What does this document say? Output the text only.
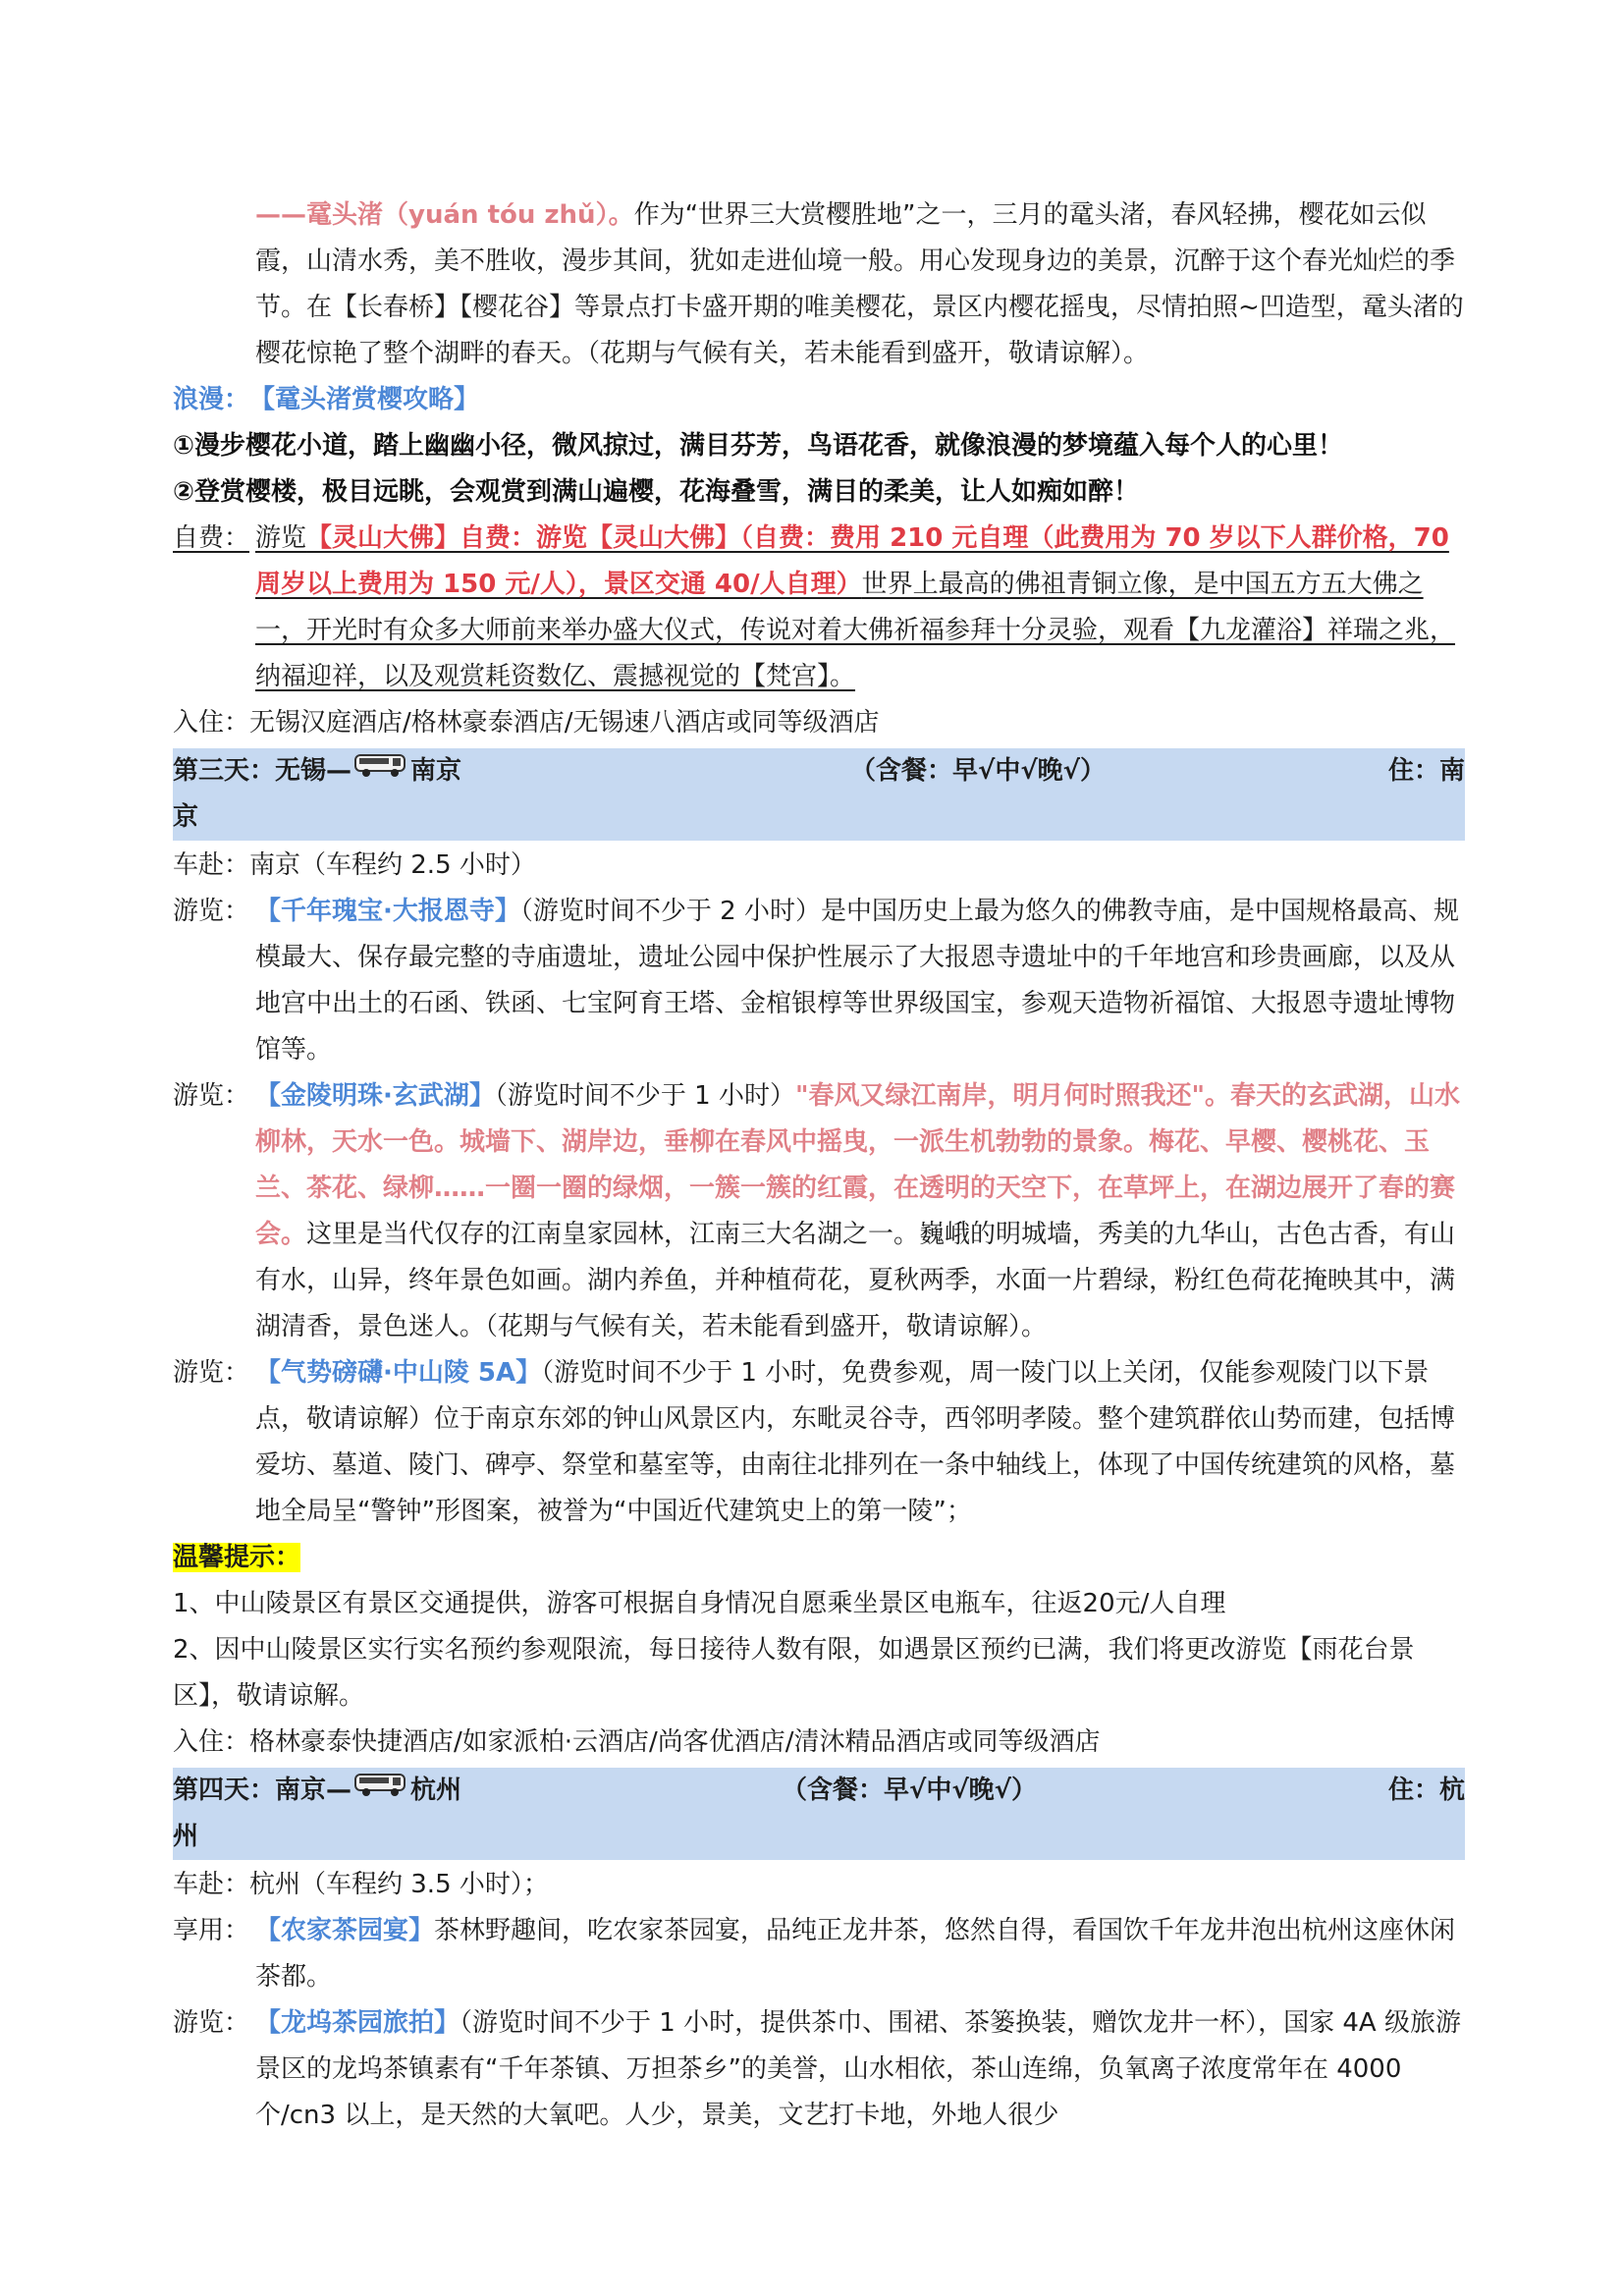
——鼋头渚（yuán tóu zhǔ）。作为“世界三大赏樱胜地”之一，三月的鼋头渚，春风轻拂，樱花如云似霞，山清水秀，美不胜收，漫步其间，犹如走进仙境一般。用心发现身边的美景，沉醉于这个春光灿烂的季节。在【长春桥】【樱花谷】等景点打卡盛开期的唯美樱花，景区内樱花摇曳，尽情拍照~凹造型，鼋头渚的樱花惊艳了整个湖畔的春天。（花期与气候有关，若未能看到盛开，敬请谅解）。

浪漫： 【鼋头渚赏樱攻略】

①漫步樱花小道，踏上幽幽小径，微风掠过，满目芬芳，鸟语花香，就像浪漫的梦境蕴入每个人的心里！

②登赏樱楼，极目远眺，会观赏到满山遍樱，花海叠雪，满目的柔美，让人如痴如醉！

自费： 游览【灵山大佛】自费：游览【灵山大佛】（自费：费用 210 元自理（此费用为 70 岁以下人群价格，70 周岁以上费用为 150 元/人），景区交通 40/人自理）世界上最高的佛祖青铜立像，是中国五方五大佛之一，开光时有众多大师前来举办盛大仪式，传说对着大佛祈福参拜十分灵验，观看【九龙灌浴】祥瑞之兆，纳福迎祥，以及观赏耗资数亿、震撼视觉的【梵宫】。

入住：无锡汉庭酒店/格林豪泰酒店/无锡速八酒店或同等级酒店

第三天：无锡— 南京	（含餐：早√中√晚√）	住：南
京

车赴：南京（车程约 2.5 小时）

游览： 【千年瑰宝·大报恩寺】（游览时间不少于 2 小时）是中国历史上最为悠久的佛教寺庙，是中国规格最高、规模最大、保存最完整的寺庙遗址，遗址公园中保护性展示了大报恩寺遗址中的千年地宫和珍贵画廊，以及从地宫中出土的石函、铁函、七宝阿育王塔、金棺银椁等世界级国宝，参观天造物祈福馆、大报恩寺遗址博物馆等。
游览： 【金陵明珠·玄武湖】（游览时间不少于 1 小时）"春风又绿江南岸，明月何时照我还"。春天的玄武湖，山水柳林，天水一色。城墙下、湖岸边，垂柳在春风中摇曳，一派生机勃勃的景象。梅花、早樱、樱桃花、玉兰、茶花、绿柳……一圈一圈的绿烟，一簇一簇的红霞，在透明的天空下，在草坪上，在湖边展开了春的赛会。这里是当代仅存的江南皇家园林，江南三大名湖之一。巍峨的明城墙，秀美的九华山，古色古香，有山有水，山异，终年景色如画。湖内养鱼，并种植荷花，夏秋两季，水面一片碧绿，粉红色荷花掩映其中，满湖清香，景色迷人。（花期与气候有关，若未能看到盛开，敬请谅解）。
游览： 【气势磅礴·中山陵 5A】（游览时间不少于 1 小时，免费参观，周一陵门以上关闭，仅能参观陵门以下景点，敬请谅解）位于南京东郊的钟山风景区内，东毗灵谷寺，西邻明孝陵。整个建筑群依山势而建，包括博爱坊、墓道、陵门、碑亭、祭堂和墓室等，由南往北排列在一条中轴线上，体现了中国传统建筑的风格，墓地全局呈“警钟”形图案，被誉为“中国近代建筑史上的第一陵”；

温馨提示：

1、中山陵景区有景区交通提供，游客可根据自身情况自愿乘坐景区电瓶车，往返20元/人自理

2、因中山陵景区实行实名预约参观限流，每日接待人数有限，如遇景区预约已满，我们将更改游览【雨花台景区】，敬请谅解。

入住：格林豪泰快捷酒店/如家派柏·云酒店/尚客优酒店/清沐精品酒店或同等级酒店

第四天：南京— 杭州	（含餐：早√中√晚√）	住：杭
州

车赴：杭州（车程约 3.5 小时）；

享用： 【农家茶园宴】茶林野趣间，吃农家茶园宴，品纯正龙井茶，悠然自得，看国饮千年龙井泡出杭州这座休闲茶都。
游览： 【龙坞茶园旅拍】（游览时间不少于 1 小时，提供茶巾、围裙、茶篓换装，赠饮龙井一杯），国家 4A 级旅游景区的龙坞茶镇素有“千年茶镇、万担茶乡”的美誉，山水相依，茶山连绵，负氧离子浓度常年在 4000 个/cn3 以上，是天然的大氧吧。人少，景美，文艺打卡地，外地人很少
